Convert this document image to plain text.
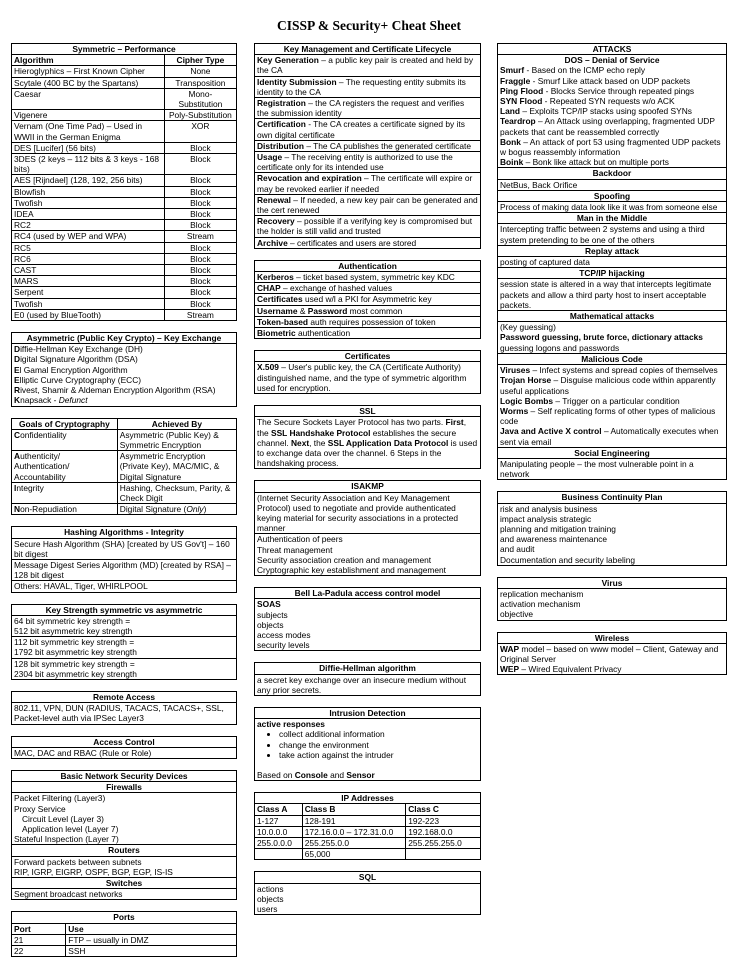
CISSP & Security+ Cheat Sheet
Symmetric – Performance
Algorithm	Cipher Type
Hieroglyphics – First Known Cipher	None
Scytale (400 BC by the Spartans)	Transposition
Caesar	Mono-Substitution
Vigenere	Poly-Substitution
Vernam (One Time Pad) – Used in WWII in the German Enigma	XOR
DES [Lucifer] (56 bits)	Block
3DES (2 keys – 112 bits & 3 keys - 168 bits)	Block
AES [Rijndael] (128, 192, 256 bits)	Block
Blowfish	Block
Twofish	Block
IDEA	Block
RC2	Block
RC4 (used by WEP and WPA)	Stream
RC5	Block
RC6	Block
CAST	Block
MARS	Block
Serpent	Block
Twofish	Block
E0 (used by BlueTooth)	Stream
Asymmetric (Public Key Crypto) – Key Exchange
Diffie-Hellman Key Exchange (DH)
Digital Signature Algorithm (DSA)
El Gamal Encryption Algorithm
Elliptic Curve Cryptography (ECC)
Rivest, Shamir & Aldeman Encryption Algorithm (RSA)
Knapsack - Defunct
Goals of Cryptography	Achieved By
Confidentiality	Asymmetric (Public Key) & Symmetric Encryption
Authenticity/ Authentication/ Accountability	Asymmetric Encryption (Private Key), MAC/MIC, & Digital Signature
Integrity	Hashing, Checksum, Parity, & Check Digit
Non-Repudiation	Digital Signature (Only)
Hashing Algorithms - Integrity
Secure Hash Algorithm (SHA) [created by US Gov't] – 160 bit digest
Message Digest Series Algorithm (MD) [created by RSA] – 128 bit digest
Others: HAVAL, Tiger, WHIRLPOOL
Key Strength symmetric vs asymmetric
64 bit symmetric key strength =
512 bit asymmetric key strength
112 bit symmetric key strength =
1792 bit asymmetric key strength
128 bit symmetric key strength =
2304 bit asymmetric key strength
Remote Access
802.11, VPN, DUN (RADIUS, TACACS, TACACS+, SSL, Packet-level auth via IPSec Layer3
Access Control
MAC, DAC and RBAC (Rule or Role)
Basic Network Security Devices
Firewalls
Packet Filtering (Layer3)
Proxy Service
Circuit Level (Layer 3)
Application level (Layer 7)
Stateful Inspection (Layer 7)
Routers
Forward packets between subnets
RIP, IGRP, EIGRP, OSPF, BGP, EGP, IS-IS
Switches
Segment broadcast networks
Ports
Port	Use
21	FTP – usually in DMZ
22	SSH
Key Management and Certificate Lifecycle
Key Generation – a public key pair is created and held by the CA
Identity Submission – The requesting entity submits its identity to the CA
Registration – the CA registers the request and verifies the submission identity
Certification - The CA creates a certificate signed by its own digital certificate
Distribution – The CA publishes the generated certificate
Usage – The receiving entity is authorized to use the certificate only for its intended use
Revocation and expiration – The certificate will expire or may be revoked earlier if needed
Renewal – If needed, a new key pair can be generated and the cert renewed
Recovery – possible if a verifying key is compromised but the holder is still valid and trusted
Archive – certificates and users are stored
Authentication
Kerberos – ticket based system, symmetric key KDC
CHAP – exchange of hashed values
Certificates used w/l a PKI for Asymmetric key
Username & Password most common
Token-based auth requires possession of token
Biometric authentication
Certificates
X.509 – User's public key, the CA (Certificate Authority) distinguished name, and the type of symmetric algorithm used for encryption.
SSL
The Secure Sockets Layer Protocol has two parts. First, the SSL Handshake Protocol establishes the secure channel. Next, the SSL Application Data Protocol is used to exchange data over the channel. 6 Steps in the handshaking process.
ISAKMP
(Internet Security Association and Key Management Protocol) used to negotiate and provide authenticated keying material for security associations in a protected manner
Authentication of peers
Threat management
Security association creation and management
Cryptographic key establishment and management
Bell La-Padula access control model
SOAS
subjects
objects
access modes
security levels
Diffie-Hellman algorithm
a secret key exchange over an insecure medium without any prior secrets.
Intrusion Detection
active responses
• collect additional information
• change the environment
• take action against the intruder
Based on Console and Sensor
IP Addresses
Class A	Class B	Class C
1-127	128-191	192-223
10.0.0.0	172.16.0.0 – 172.31.0.0	192.168.0.0
255.0.0.0	255.255.0.0	255.255.255.0
	65,000	
SQL
actions
objects
users
ATTACKS
DOS – Denial of Service
Smurf - Based on the ICMP echo reply
Fraggle - Smurf Like attack based on UDP packets
Ping Flood - Blocks Service through repeated pings
SYN Flood - Repeated SYN requests w/o ACK
Land – Exploits TCP/IP stacks using spoofed SYNs
Teardrop – An Attack using overlapping, fragmented UDP packets that cant be reassembled correctly
Bonk – An attack of port 53 using fragmented UDP packets w bogus reassembly information
Boink – Bonk like attack but on multiple ports
Backdoor
NetBus, Back Orifice
Spoofing
Process of making data look like it was from someone else
Man in the Middle
Intercepting traffic between 2 systems and using a third system pretending to be one of the others
Replay attack
posting of captured data
TCP/IP hijacking
session state is altered in a way that intercepts legitimate packets and allow a third party host to insert acceptable packets.
Mathematical attacks
(Key guessing)
Password guessing, brute force, dictionary attacks
guessing logons and passwords
Malicious Code
Viruses – Infect systems and spread copies of themselves
Trojan Horse – Disguise malicious code within apparently useful applications
Logic Bombs – Trigger on a particular condition
Worms – Self replicating forms of other types of malicious code
Java and Active X control – Automatically executes when sent via email
Social Engineering
Manipulating people – the most vulnerable point in a network
Business Continuity Plan
risk and analysis business
impact analysis strategic
planning and mitigation training
and awareness maintenance
and audit
Documentation and security labeling
Virus
replication mechanism
activation mechanism
objective
Wireless
WAP model – based on www model – Client, Gateway and Original Server
WEP – Wired Equivalent Privacy
